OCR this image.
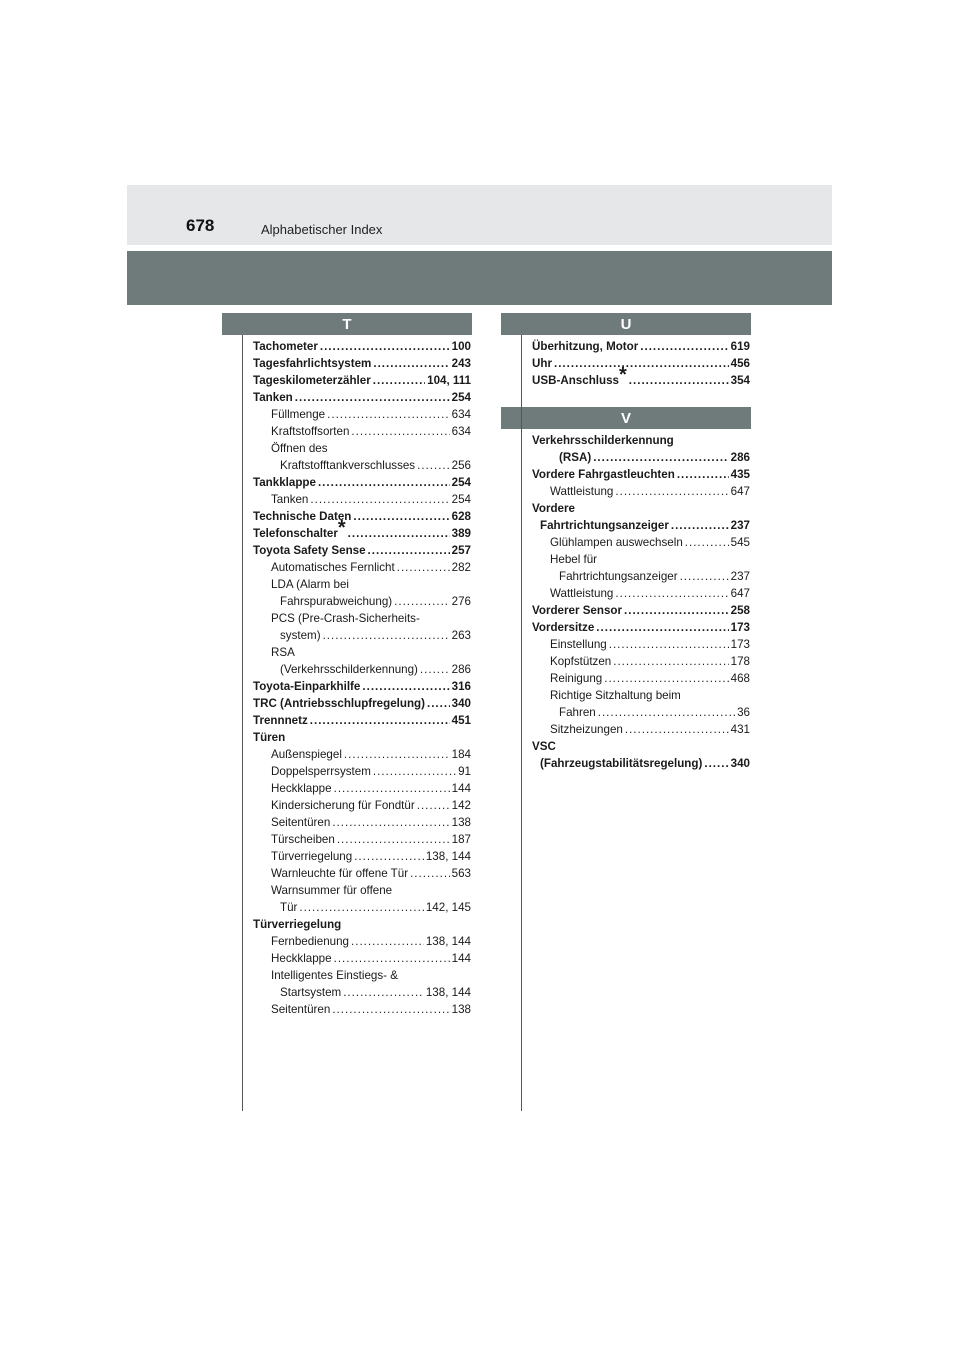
678	Alphabetischer Index
T	U
V
Tachometer .....	100
Tagesfahrlichtsystem .....	243
Tageskilometerzähler .....	104, 111
Tanken .....	254
Füllmenge .....	634
Kraftstoffsorten .....	634
Öffnen des
Kraftstofftankverschlusses .....	256
Tankklappe .....	254
Tanken .....	254
Technische Daten .....	628
Telefonschalter * .....	389
Toyota Safety Sense .....	257
Automatisches Fernlicht .....	282
LDA (Alarm bei
Fahrspurabweichung) .....	276
PCS (Pre-Crash-Sicherheits-
system) .....	263
RSA
(Verkehrsschilderkennung) .....	286
Toyota-Einparkhilfe .....	316
TRC (Antriebsschlupfregelung) ..... 340
Trennnetz .....	451
Türen
Außenspiegel .....	184
Doppelsperrsystem .....	91
Heckklappe .....	144
Kindersicherung für Fondtür .....	142
Seitentüren .....	138
Türscheiben .....	187
Türverriegelung .....	138, 144
Warnleuchte für offene Tür .....	563
Warnsummer für offene
Tür .....	142, 145
Türverriegelung
Fernbedienung .....	138, 144
Heckklappe .....	144
Intelligentes Einstiegs- &
Startsystem .....	138, 144
Seitentüren .....	138
Überhitzung, Motor .....	619
Uhr .....	456
USB-Anschluss * .....	354
Verkehrsschilderkennung
(RSA) .....	286
Vordere Fahrgastleuchten .....	435
Wattleistung .....	647
Vordere
Fahrtrichtungsanzeiger .....	237
Glühlampen auswechseln .....	545
Hebel für
Fahrtrichtungsanzeiger .....	237
Wattleistung .....	647
Vorderer Sensor .....	258
Vordersitze .....	173
Einstellung .....	173
Kopfstützen .....	178
Reinigung .....	468
Richtige Sitzhaltung beim
Fahren .....	36
Sitzheizungen .....	431
VSC
(Fahrzeugstabilitätsregelung) ..... 340
